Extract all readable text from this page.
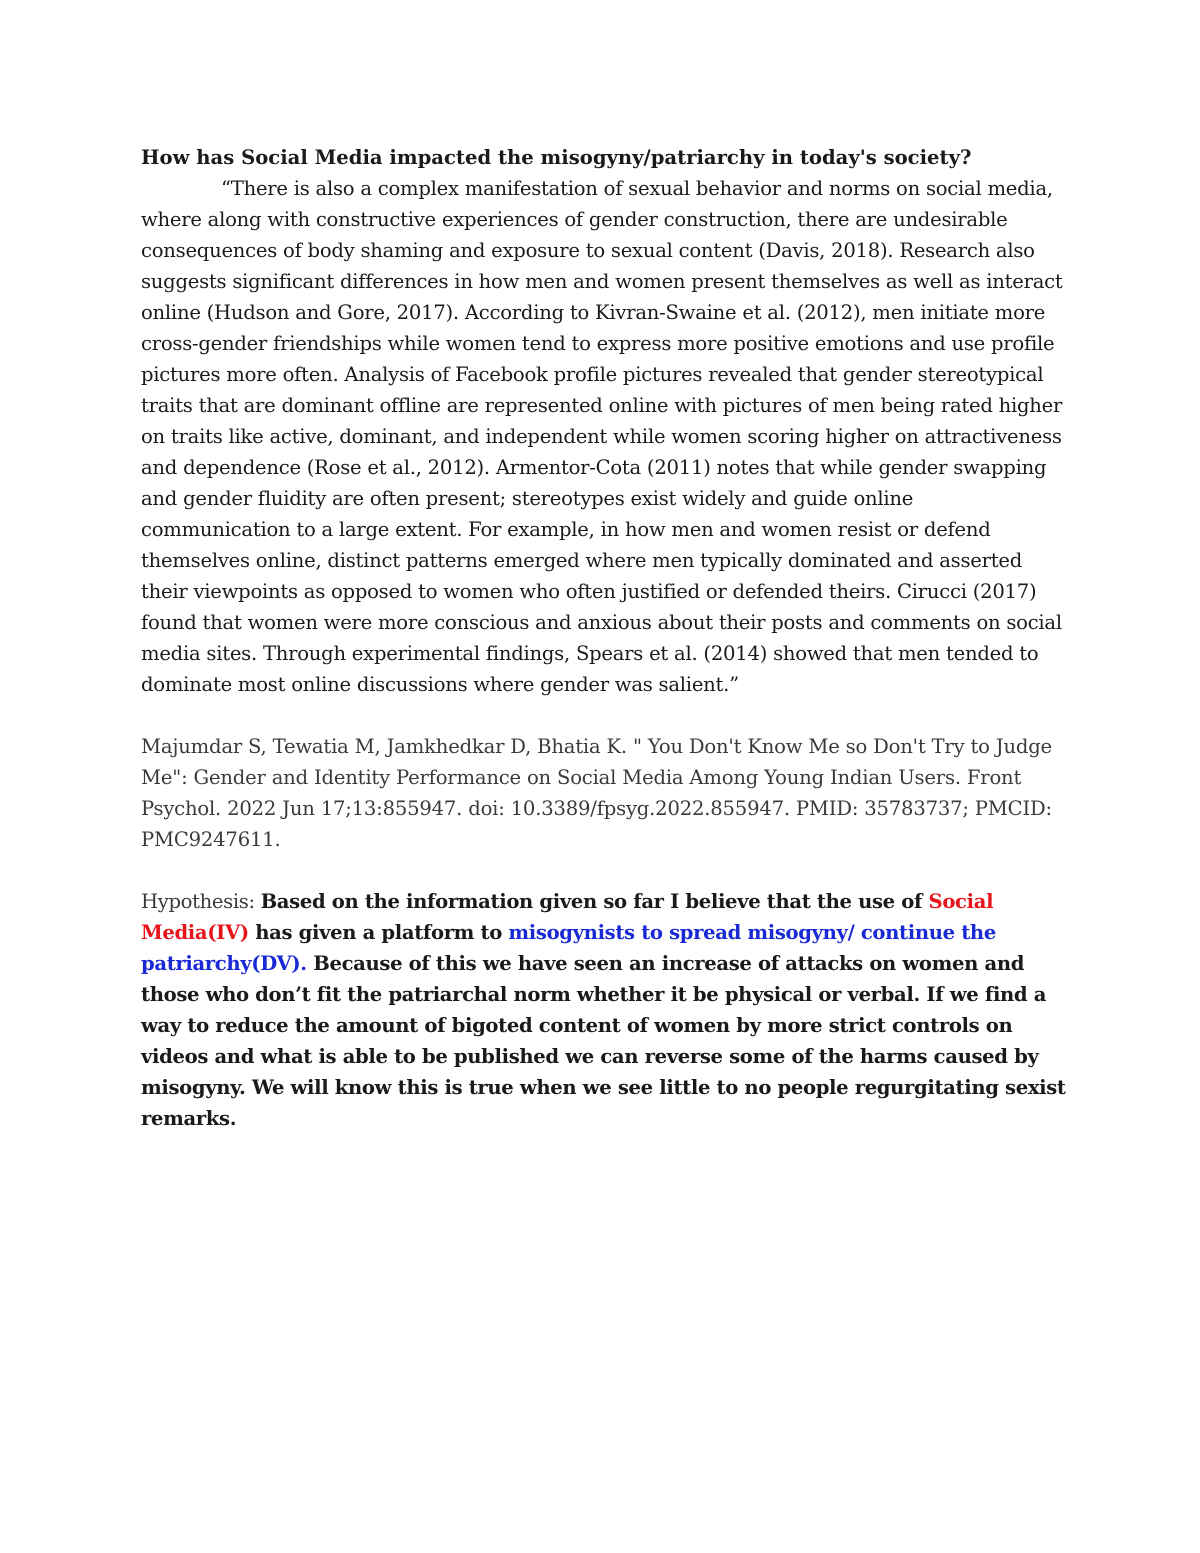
How has Social Media impacted the misogyny/patriarchy in today's society?

“There is also a complex manifestation of sexual behavior and norms on social media, where along with constructive experiences of gender construction, there are undesirable consequences of body shaming and exposure to sexual content (Davis, 2018). Research also suggests significant differences in how men and women present themselves as well as interact online (Hudson and Gore, 2017). According to Kivran-Swaine et al. (2012), men initiate more cross-gender friendships while women tend to express more positive emotions and use profile pictures more often. Analysis of Facebook profile pictures revealed that gender stereotypical traits that are dominant offline are represented online with pictures of men being rated higher on traits like active, dominant, and independent while women scoring higher on attractiveness and dependence (Rose et al., 2012). Armentor-Cota (2011) notes that while gender swapping and gender fluidity are often present; stereotypes exist widely and guide online communication to a large extent. For example, in how men and women resist or defend themselves online, distinct patterns emerged where men typically dominated and asserted their viewpoints as opposed to women who often justified or defended theirs. Cirucci (2017) found that women were more conscious and anxious about their posts and comments on social media sites. Through experimental findings, Spears et al. (2014) showed that men tended to dominate most online discussions where gender was salient.”

Majumdar S, Tewatia M, Jamkhedkar D, Bhatia K. " You Don't Know Me so Don't Try to Judge Me": Gender and Identity Performance on Social Media Among Young Indian Users. Front Psychol. 2022 Jun 17;13:855947. doi: 10.3389/fpsyg.2022.855947. PMID: 35783737; PMCID: PMC9247611.

Hypothesis: Based on the information given so far I believe that the use of Social Media(IV) has given a platform to misogynists to spread misogyny/ continue the patriarchy(DV). Because of this we have seen an increase of attacks on women and those who don’t fit the patriarchal norm whether it be physical or verbal. If we find a way to reduce the amount of bigoted content of women by more strict controls on videos and what is able to be published we can reverse some of the harms caused by misogyny. We will know this is true when we see little to no people regurgitating sexist remarks.
